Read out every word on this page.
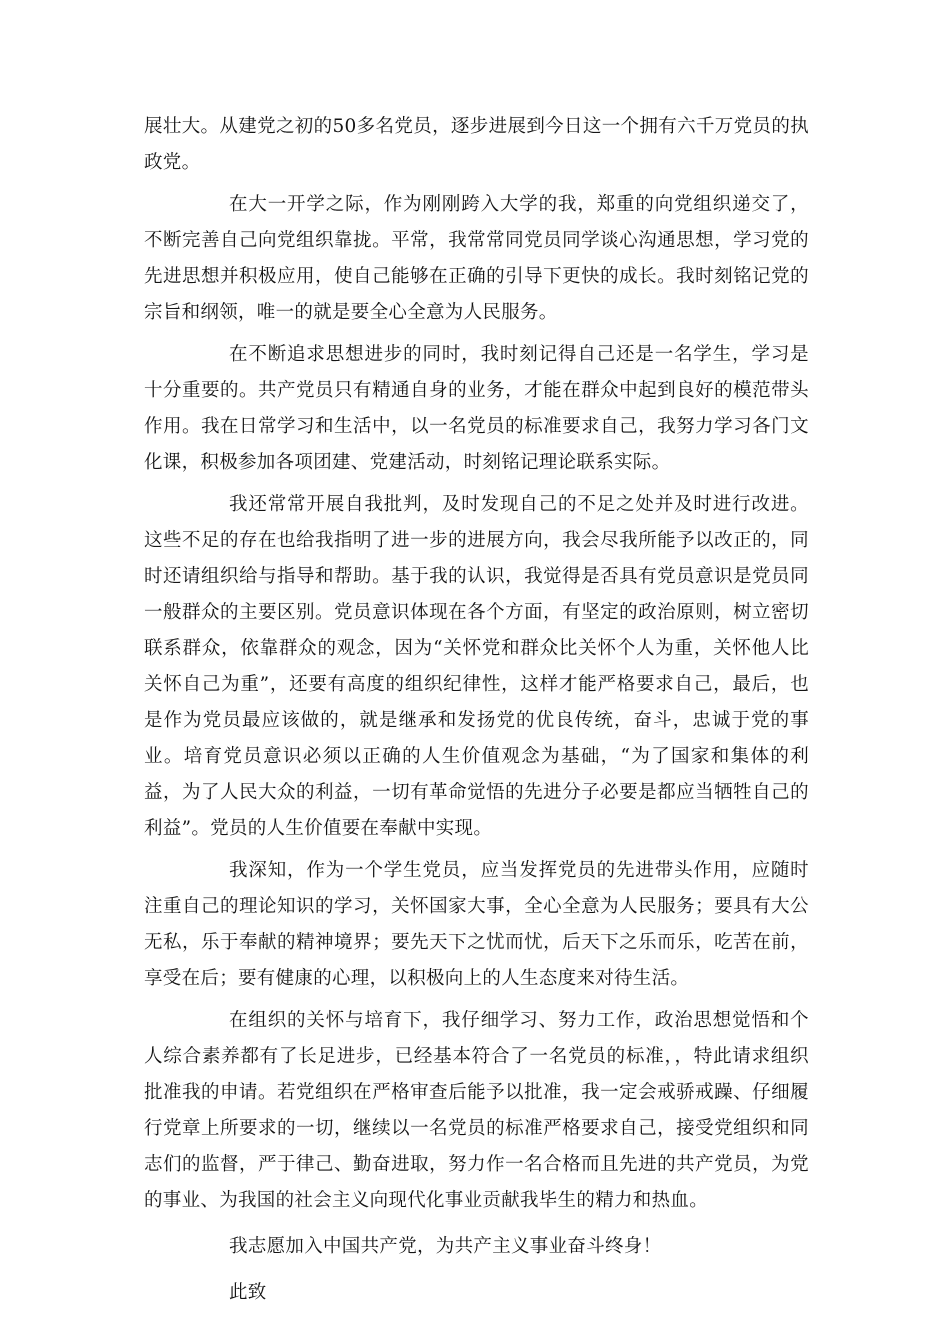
展壮大。从建党之初的50多名党员，逐步进展到今日这一个拥有六千万党员的执政党。

在大一开学之际，作为刚刚跨入大学的我，郑重的向党组织递交了，不断完善自己向党组织靠拢。平常，我常常同党员同学谈心沟通思想，学习党的先进思想并积极应用，使自己能够在正确的引导下更快的成长。我时刻铭记党的宗旨和纲领，唯一的就是要全心全意为人民服务。

在不断追求思想进步的同时，我时刻记得自己还是一名学生，学习是十分重要的。共产党员只有精通自身的业务，才能在群众中起到良好的模范带头作用。我在日常学习和生活中，以一名党员的标准要求自己，我努力学习各门文化课，积极参加各项团建、党建活动，时刻铭记理论联系实际。

我还常常开展自我批判，及时发现自己的不足之处并及时进行改进。这些不足的存在也给我指明了进一步的进展方向，我会尽我所能予以改正的，同时还请组织给与指导和帮助。基于我的认识，我觉得是否具有党员意识是党员同一般群众的主要区别。党员意识体现在各个方面，有坚定的政治原则，树立密切联系群众，依靠群众的观念，因为“关怀党和群众比关怀个人为重，关怀他人比关怀自己为重”，还要有高度的组织纪律性，这样才能严格要求自己，最后，也是作为党员最应该做的，就是继承和发扬党的优良传统，奋斗，忠诚于党的事业。培育党员意识必须以正确的人生价值观念为基础，“为了国家和集体的利益，为了人民大众的利益，一切有革命觉悟的先进分子必要是都应当牺牲自己的利益”。党员的人生价值要在奉献中实现。

我深知，作为一个学生党员，应当发挥党员的先进带头作用，应随时注重自己的理论知识的学习，关怀国家大事，全心全意为人民服务；要具有大公无私，乐于奉献的精神境界；要先天下之忧而忧，后天下之乐而乐，吃苦在前，享受在后；要有健康的心理，以积极向上的人生态度来对待生活。

在组织的关怀与培育下，我仔细学习、努力工作，政治思想觉悟和个人综合素养都有了长足进步，已经基本符合了一名党员的标准，，特此请求组织批准我的申请。若党组织在严格审查后能予以批准，我一定会戒骄戒躁、仔细履行党章上所要求的一切，继续以一名党员的标准严格要求自己，接受党组织和同志们的监督，严于律己、勤奋进取，努力作一名合格而且先进的共产党员，为党的事业、为我国的社会主义向现代化事业贡献我毕生的精力和热血。

我志愿加入中国共产党，为共产主义事业奋斗终身！

此致
